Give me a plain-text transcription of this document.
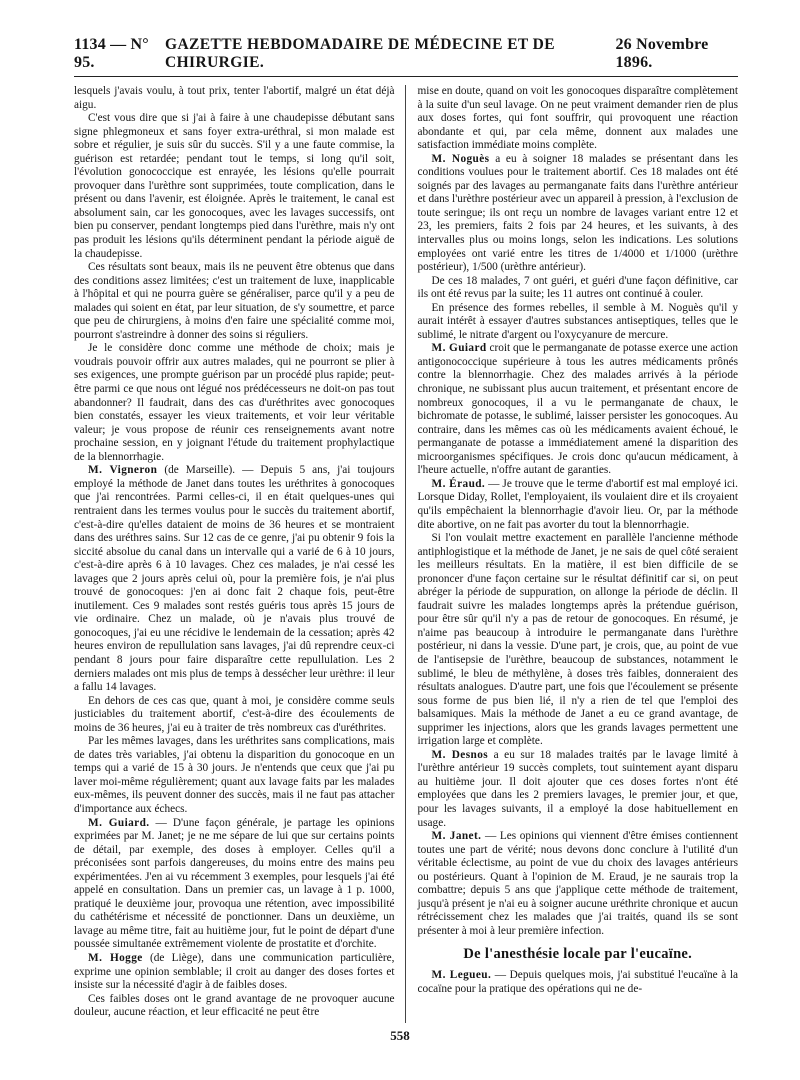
1134 — N° 95.
GAZETTE HEBDOMADAIRE DE MÉDECINE ET DE CHIRURGIE.
26 Novembre 1896.

lesquels j'avais voulu, à tout prix, tenter l'abortif, malgré un état déjà aigu.

C'est vous dire que si j'ai à faire à une chaudepisse débutant sans signe phlegmoneux et sans foyer extra-uréthral, si mon malade est sobre et régulier, je suis sûr du succès. S'il y a une faute commise, la guérison est retardée; pendant tout le temps, si long qu'il soit, l'évolution gonococcique est enrayée, les lésions qu'elle pourrait provoquer dans l'urèthre sont supprimées, toute complication, dans le présent ou dans l'avenir, est éloignée. Après le traitement, le canal est absolument sain, car les gonocoques, avec les lavages successifs, ont bien pu conserver, pendant longtemps pied dans l'urèthre, mais n'y ont pas produit les lésions qu'ils déterminent pendant la période aiguë de la chaudepisse.

Ces résultats sont beaux, mais ils ne peuvent être obtenus que dans des conditions assez limitées; c'est un traitement de luxe, inapplicable à l'hôpital et qui ne pourra guère se généraliser, parce qu'il y a peu de malades qui soient en état, par leur situation, de s'y soumettre, et parce que peu de chirurgiens, à moins d'en faire une spécialité comme moi, pourront s'astreindre à donner des soins si réguliers.

Je le considère donc comme une méthode de choix; mais je voudrais pouvoir offrir aux autres malades, qui ne pourront se plier à ses exigences, une prompte guérison par un procédé plus rapide; peut-être parmi ce que nous ont légué nos prédécesseurs ne doit-on pas tout abandonner? Il faudrait, dans des cas d'uréthrites avec gonocoques bien constatés, essayer les vieux traitements, et voir leur véritable valeur; je vous propose de réunir ces renseignements avant notre prochaine session, en y joignant l'étude du traitement prophylactique de la blennorrhagie.

M. Vigneron (de Marseille). — Depuis 5 ans, j'ai toujours employé la méthode de Janet dans toutes les uréthrites à gonocoques que j'ai rencontrées. Parmi celles-ci, il en était quelques-unes qui rentraient dans les termes voulus pour le succès du traitement abortif, c'est-à-dire qu'elles dataient de moins de 36 heures et se montraient dans des uréthres sains. Sur 12 cas de ce genre, j'ai pu obtenir 9 fois la siccité absolue du canal dans un intervalle qui a varié de 6 à 10 jours, c'est-à-dire après 6 à 10 lavages. Chez ces malades, je n'ai cessé les lavages que 2 jours après celui où, pour la première fois, je n'ai plus trouvé de gonocoques: j'en ai donc fait 2 chaque fois, peut-être inutilement. Ces 9 malades sont restés guéris tous après 15 jours de vie ordinaire. Chez un malade, où je n'avais plus trouvé de gonocoques, j'ai eu une récidive le lendemain de la cessation; après 42 heures environ de repullulation sans lavages, j'ai dû reprendre ceux-ci pendant 8 jours pour faire disparaître cette repullulation. Les 2 derniers malades ont mis plus de temps à dessécher leur urèthre: il leur a fallu 14 lavages.

En dehors de ces cas que, quant à moi, je considère comme seuls justiciables du traitement abortif, c'est-à-dire des écoulements de moins de 36 heures, j'ai eu à traiter de très nombreux cas d'uréthrites.

Par les mêmes lavages, dans les uréthrites sans complications, mais de dates très variables, j'ai obtenu la disparition du gonocoque en un temps qui a varié de 15 à 30 jours. Je n'entends que ceux que j'ai pu laver moi-même régulièrement; quant aux lavage faits par les malades eux-mêmes, ils peuvent donner des succès, mais il ne faut pas attacher d'importance aux échecs.

M. Guiard. — D'une façon générale, je partage les opinions exprimées par M. Janet; je ne me sépare de lui que sur certains points de détail, par exemple, des doses à employer. Celles qu'il a préconisées sont parfois dangereuses, du moins entre des mains peu expérimentées. J'en ai vu récemment 3 exemples, pour lesquels j'ai été appelé en consultation. Dans un premier cas, un lavage à 1 p. 1000, pratiqué le deuxième jour, provoqua une rétention, avec impossibilité du cathétérisme et nécessité de ponctionner. Dans un deuxième, un lavage au même titre, fait au huitième jour, fut le point de départ d'une poussée simultanée extrêmement violente de prostatite et d'orchite.

M. Hogge (de Liège), dans une communication particulière, exprime une opinion semblable; il croit au danger des doses fortes et insiste sur la nécessité d'agir à de faibles doses.

Ces faibles doses ont le grand avantage de ne provoquer aucune douleur, aucune réaction, et leur efficacité ne peut être

mise en doute, quand on voit les gonocoques disparaître complètement à la suite d'un seul lavage. On ne peut vraiment demander rien de plus aux doses fortes, qui font souffrir, qui provoquent une réaction abondante et qui, par cela même, donnent aux malades une satisfaction immédiate moins complète.

M. Noguès a eu à soigner 18 malades se présentant dans les conditions voulues pour le traitement abortif. Ces 18 malades ont été soignés par des lavages au permanganate faits dans l'urèthre antérieur et dans l'urèthre postérieur avec un appareil à pression, à l'exclusion de toute seringue; ils ont reçu un nombre de lavages variant entre 12 et 23, les premiers, faits 2 fois par 24 heures, et les suivants, à des intervalles plus ou moins longs, selon les indications. Les solutions employées ont varié entre les titres de 1/4000 et 1/1000 (urèthre postérieur), 1/500 (urèthre antérieur).

De ces 18 malades, 7 ont guéri, et guéri d'une façon définitive, car ils ont été revus par la suite; les 11 autres ont continué à couler.

En présence des formes rebelles, il semble à M. Noguès qu'il y aurait intérêt à essayer d'autres substances antiseptiques, telles que le sublimé, le nitrate d'argent ou l'oxycyanure de mercure.

M. Guiard croit que le permanganate de potasse exerce une action antigonococcique supérieure à tous les autres médicaments prônés contre la blennorrhagie. Chez des malades arrivés à la période chronique, ne subissant plus aucun traitement, et présentant encore de nombreux gonocoques, il a vu le permanganate de chaux, le bichromate de potasse, le sublimé, laisser persister les gonocoques. Au contraire, dans les mêmes cas où les médicaments avaient échoué, le permanganate de potasse a immédiatement amené la disparition des microorganismes spécifiques. Je crois donc qu'aucun médicament, à l'heure actuelle, n'offre autant de garanties.

M. Éraud. — Je trouve que le terme d'abortif est mal employé ici. Lorsque Diday, Rollet, l'employaient, ils voulaient dire et ils croyaient qu'ils empêchaient la blennorrhagie d'avoir lieu. Or, par la méthode dite abortive, on ne fait pas avorter du tout la blennorrhagie.

Si l'on voulait mettre exactement en parallèle l'ancienne méthode antiphlogistique et la méthode de Janet, je ne sais de quel côté seraient les meilleurs résultats. En la matière, il est bien difficile de se prononcer d'une façon certaine sur le résultat définitif car si, on peut abréger la période de suppuration, on allonge la période de déclin. Il faudrait suivre les malades longtemps après la prétendue guérison, pour être sûr qu'il n'y a pas de retour de gonocoques. En résumé, je n'aime pas beaucoup à introduire le permanganate dans l'urèthre postérieur, ni dans la vessie. D'une part, je crois, que, au point de vue de l'antisepsie de l'urèthre, beaucoup de substances, notamment le sublimé, le bleu de méthylène, à doses très faibles, donneraient des résultats analogues. D'autre part, une fois que l'écoulement se présente sous forme de pus bien lié, il n'y a rien de tel que l'emploi des balsamiques. Mais la méthode de Janet a eu ce grand avantage, de supprimer les injections, alors que les grands lavages permettent une irrigation large et complète.

M. Desnos a eu sur 18 malades traités par le lavage limité à l'urèthre antérieur 19 succès complets, tout suintement ayant disparu au huitième jour. Il doit ajouter que ces doses fortes n'ont été employées que dans les 2 premiers lavages, le premier jour, et que, pour les lavages suivants, il a employé la dose habituellement en usage.

M. Janet. — Les opinions qui viennent d'être émises contiennent toutes une part de vérité; nous devons donc conclure à l'utilité d'un véritable éclectisme, au point de vue du choix des lavages antérieurs ou postérieurs. Quant à l'opinion de M. Eraud, je ne saurais trop la combattre; depuis 5 ans que j'applique cette méthode de traitement, jusqu'à présent je n'ai eu à soigner aucune uréthrite chronique et aucun rétrécissement chez les malades que j'ai traités, quand ils se sont présenter à moi à leur première infection.

De l'anesthésie locale par l'eucaïne.

M. Legueu. — Depuis quelques mois, j'ai substitué l'eucaïne à la cocaïne pour la pratique des opérations qui ne de-

558
